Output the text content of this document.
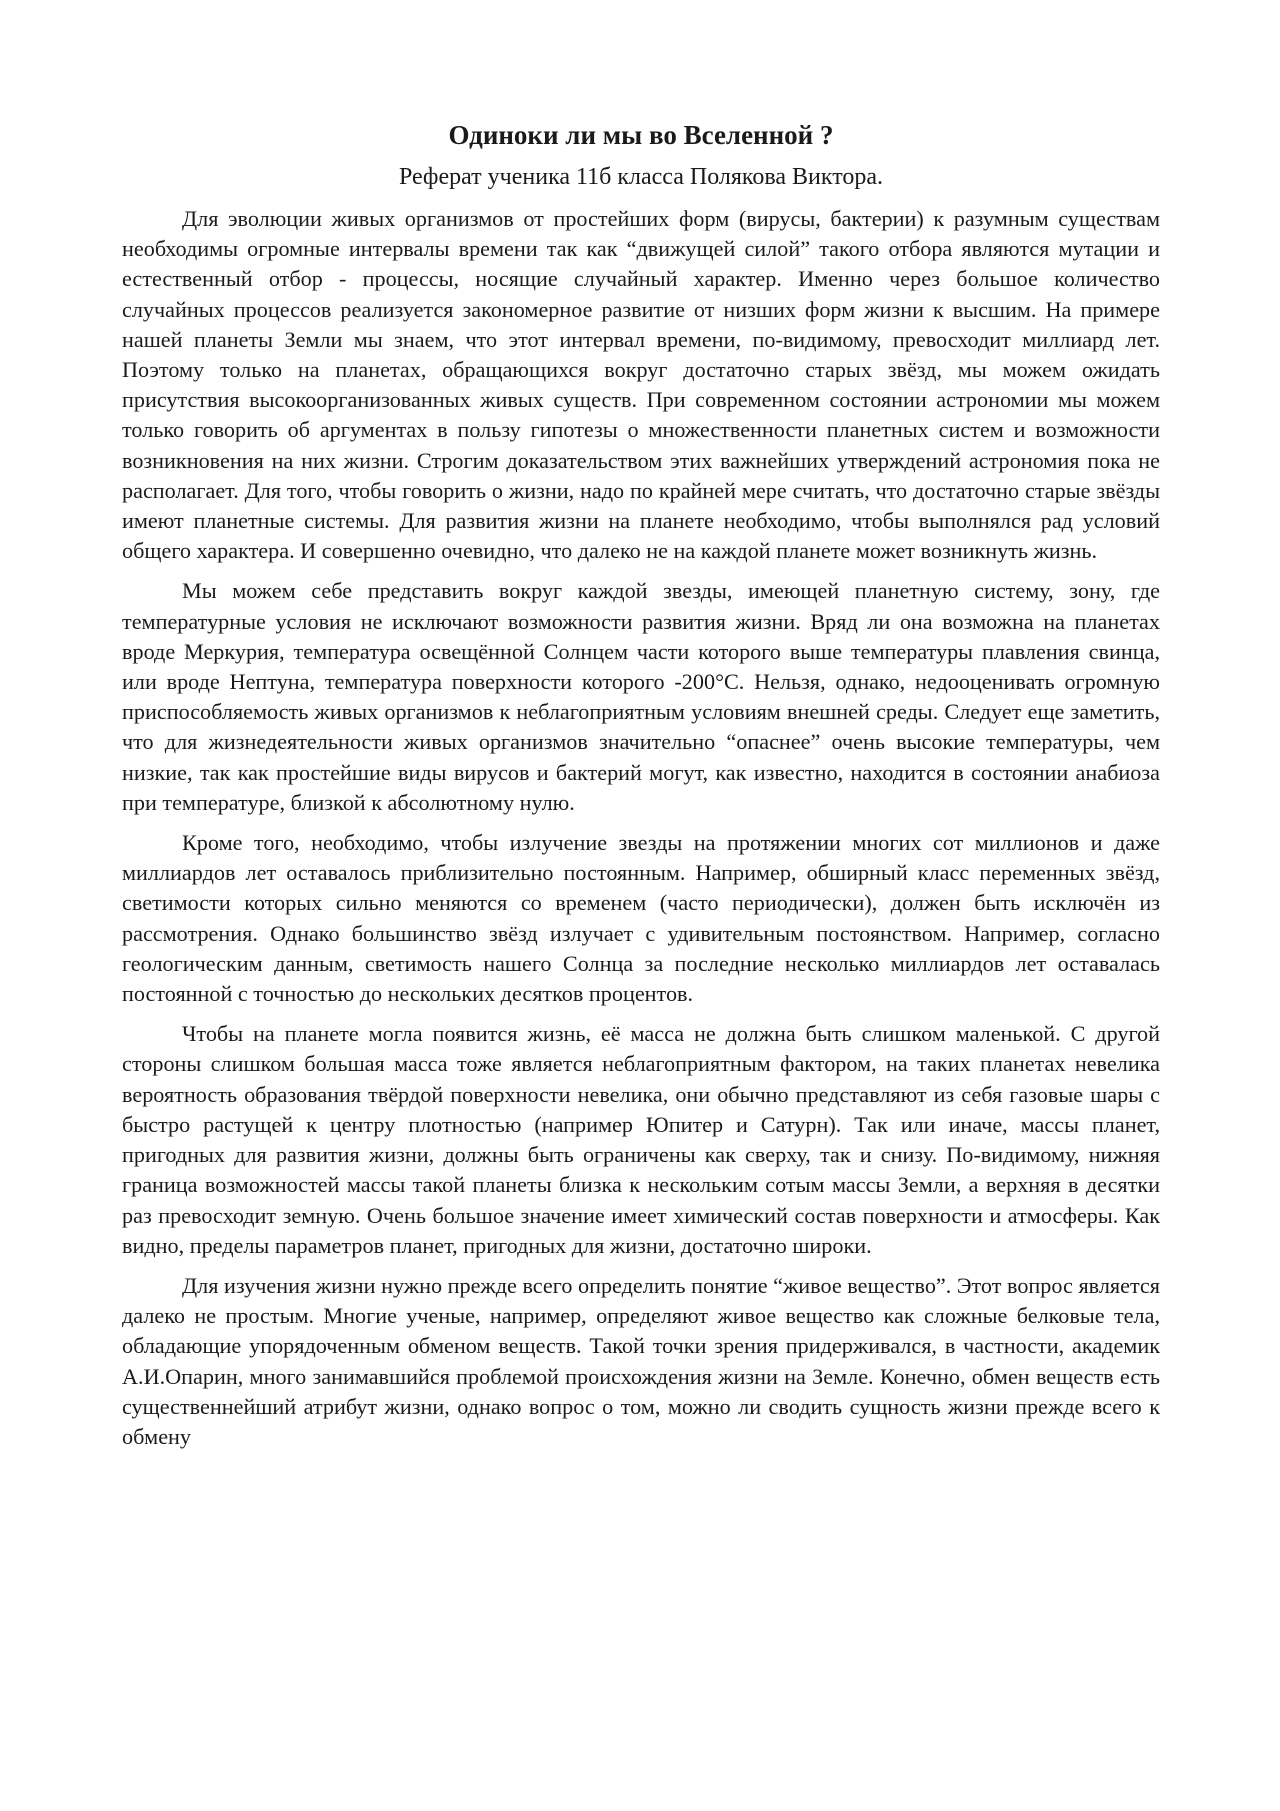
Одиноки ли мы во Вселенной ?
Реферат ученика 11б класса Полякова Виктора.

Для эволюции живых организмов от простейших форм (вирусы, бактерии) к разумным существам необходимы огромные интервалы времени так как “движущей силой” такого отбора являются мутации и естественный отбор - процессы, носящие случайный характер. Именно через большое количество случайных процессов реализуется закономерное развитие от низших форм жизни к высшим. На примере нашей планеты Земли мы знаем, что этот интервал времени, по-видимому, превосходит миллиард лет. Поэтому только на планетах, обращающихся вокруг достаточно старых звёзд, мы можем ожидать присутствия высокоорганизованных живых существ. При современном состоянии астрономии мы можем только говорить об аргументах в пользу гипотезы о множественности планетных систем и возможности возникновения на них жизни. Строгим доказательством этих важнейших утверждений астрономия пока не располагает. Для того, чтобы говорить о жизни, надо по крайней мере считать, что достаточно старые звёзды имеют планетные системы. Для развития жизни на планете необходимо, чтобы выполнялся рад условий общего характера. И совершенно очевидно, что далеко не на каждой планете может возникнуть жизнь.

Мы можем себе представить вокруг каждой звезды, имеющей планетную систему, зону, где температурные условия не исключают возможности развития жизни. Вряд ли она возможна на планетах вроде Меркурия, температура освещённой Солнцем части которого выше температуры плавления свинца, или вроде Нептуна, температура поверхности которого -200°С. Нельзя, однако, недооценивать огромную приспособляемость живых организмов к неблагоприятным условиям внешней среды. Следует еще заметить, что для жизнедеятельности живых организмов значительно “опаснее” очень высокие температуры, чем низкие, так как простейшие виды вирусов и бактерий могут, как известно, находится в состоянии анабиоза при температуре, близкой к абсолютному нулю.

Кроме того, необходимо, чтобы излучение звезды на протяжении многих сот миллионов и даже миллиардов лет оставалось приблизительно постоянным. Например, обширный класс переменных звёзд, светимости которых сильно меняются со временем (часто периодически), должен быть исключён из рассмотрения. Однако большинство звёзд излучает с удивительным постоянством. Например, согласно геологическим данным, светимость нашего Солнца за последние несколько миллиардов лет оставалась постоянной с точностью до нескольких десятков процентов.

Чтобы на планете могла появится жизнь, её масса не должна быть слишком маленькой. С другой стороны слишком большая масса тоже является неблагоприятным фактором, на таких планетах невелика вероятность образования твёрдой поверхности невелика, они обычно представляют из себя газовые шары с быстро растущей к центру плотностью (например Юпитер и Сатурн). Так или иначе, массы планет, пригодных для развития жизни, должны быть ограничены как сверху, так и снизу. По-видимому, нижняя граница возможностей массы такой планеты близка к нескольким сотым массы Земли, а верхняя в десятки раз превосходит земную. Очень большое значение имеет химический состав поверхности и атмосферы. Как видно, пределы параметров планет, пригодных для жизни, достаточно широки.

Для изучения жизни нужно прежде всего определить понятие “живое вещество”. Этот вопрос является далеко не простым. Многие ученые, например, определяют живое вещество как сложные белковые тела, обладающие упорядоченным обменом веществ. Такой точки зрения придерживался, в частности, академик А.И.Опарин, много занимавшийся проблемой происхождения жизни на Земле. Конечно, обмен веществ есть существеннейший атрибут жизни, однако вопрос о том, можно ли сводить сущность жизни прежде всего к обмену
